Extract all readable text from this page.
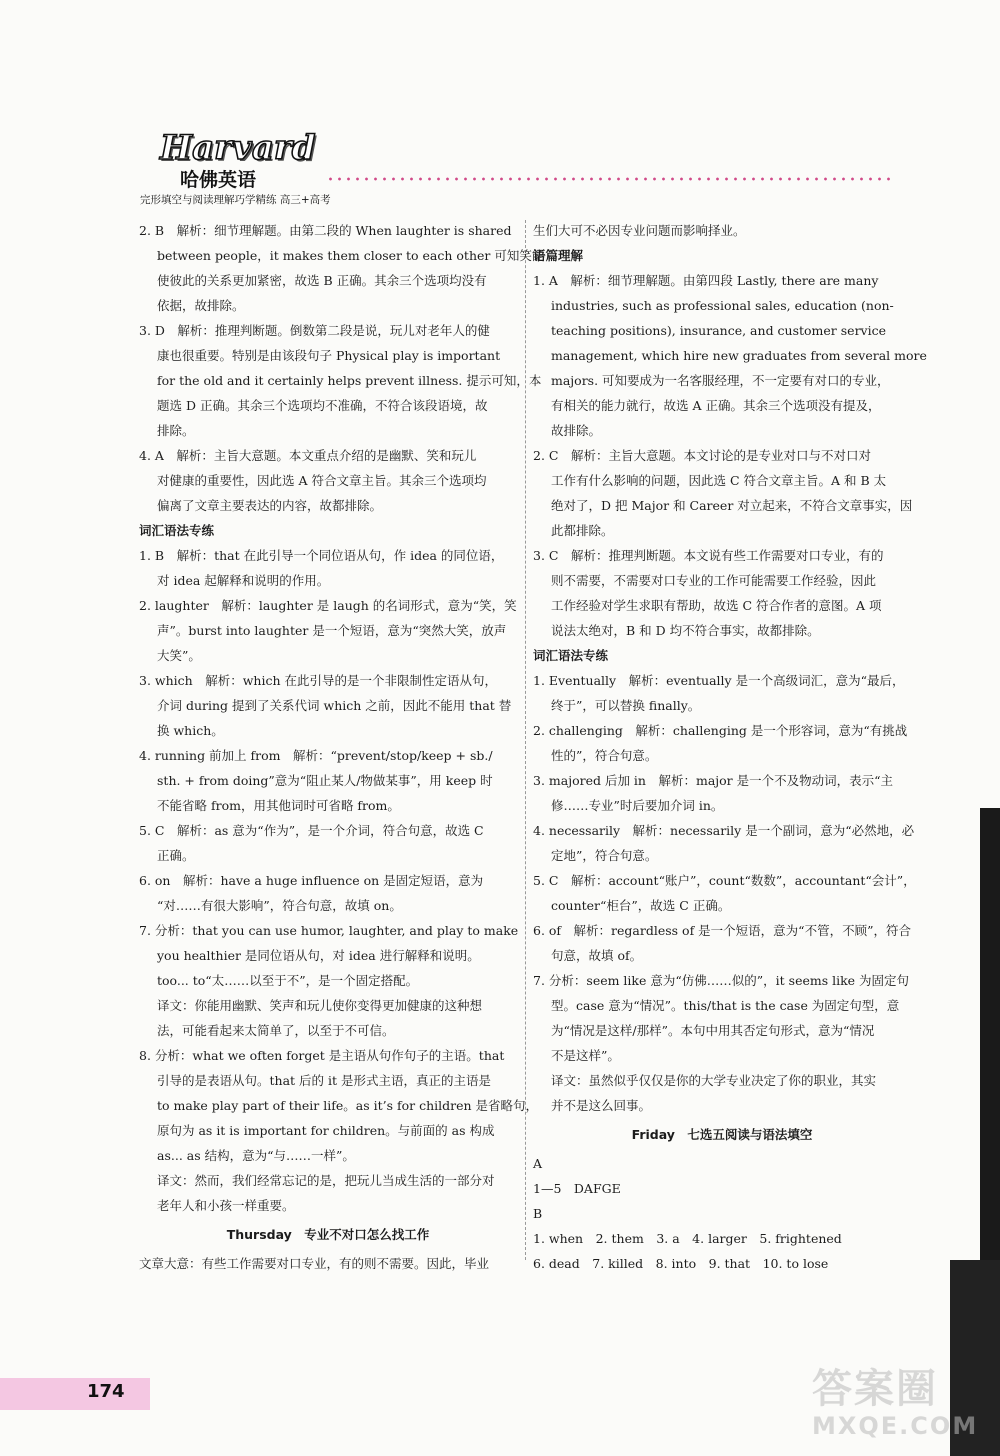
Harvard
哈佛英语
完形填空与阅读理解巧学精练 高三+高考
2. B　解析：细节理解题。由第二段的 When laughter is shared
between people，it makes them closer to each other 可知笑能
使彼此的关系更加紧密，故选 B 正确。其余三个选项均没有
依据，故排除。
3. D　解析：推理判断题。倒数第二段是说，玩儿对老年人的健
康也很重要。特别是由该段句子 Physical play is important
for the old and it certainly helps prevent illness. 提示可知，本
题选 D 正确。其余三个选项均不准确，不符合该段语境，故
排除。
4. A　解析：主旨大意题。本文重点介绍的是幽默、笑和玩儿
对健康的重要性，因此选 A 符合文章主旨。其余三个选项均
偏离了文章主要表达的内容，故都排除。
词汇语法专练
1. B　解析：that 在此引导一个同位语从句，作 idea 的同位语，
对 idea 起解释和说明的作用。
2. laughter　解析：laughter 是 laugh 的名词形式，意为“笑，笑
声”。burst into laughter 是一个短语，意为“突然大笑，放声
大笑”。
3. which　解析：which 在此引导的是一个非限制性定语从句，
介词 during 提到了关系代词 which 之前，因此不能用 that 替
换 which。
4. running 前加上 from　解析：“prevent/stop/keep + sb./
sth. + from doing”意为“阻止某人/物做某事”，用 keep 时
不能省略 from，用其他词时可省略 from。
5. C　解析：as 意为“作为”，是一个介词，符合句意，故选 C
正确。
6. on　解析：have a huge influence on 是固定短语，意为
“对……有很大影响”，符合句意，故填 on。
7. 分析：that you can use humor, laughter, and play to make
you healthier 是同位语从句，对 idea 进行解释和说明。
too... to“太……以至于不”，是一个固定搭配。
译文：你能用幽默、笑声和玩儿使你变得更加健康的这种想
法，可能看起来太简单了，以至于不可信。
8. 分析：what we often forget 是主语从句作句子的主语。that
引导的是表语从句。that 后的 it 是形式主语，真正的主语是
to make play part of their life。as it’s for children 是省略句，
原句为 as it is important for children。与前面的 as 构成
as... as 结构，意为“与……一样”。
译文：然而，我们经常忘记的是，把玩儿当成生活的一部分对
老年人和小孩一样重要。
Thursday　专业不对口怎么找工作
文章大意：有些工作需要对口专业，有的则不需要。因此，毕业
生们大可不必因专业问题而影响择业。
语篇理解
1. A　解析：细节理解题。由第四段 Lastly, there are many
industries, such as professional sales, education (non-
teaching positions), insurance, and customer service
management, which hire new graduates from several more
majors. 可知要成为一名客服经理，不一定要有对口的专业，
有相关的能力就行，故选 A 正确。其余三个选项没有提及，
故排除。
2. C　解析：主旨大意题。本文讨论的是专业对口与不对口对
工作有什么影响的问题，因此选 C 符合文章主旨。A 和 B 太
绝对了，D 把 Major 和 Career 对立起来，不符合文章事实，因
此都排除。
3. C　解析：推理判断题。本文说有些工作需要对口专业，有的
则不需要，不需要对口专业的工作可能需要工作经验，因此
工作经验对学生求职有帮助，故选 C 符合作者的意图。A 项
说法太绝对，B 和 D 均不符合事实，故都排除。
词汇语法专练
1. Eventually　解析：eventually 是一个高级词汇，意为“最后，
终于”，可以替换 finally。
2. challenging　解析：challenging 是一个形容词，意为“有挑战
性的”，符合句意。
3. majored 后加 in　解析：major 是一个不及物动词，表示“主
修……专业”时后要加介词 in。
4. necessarily　解析：necessarily 是一个副词，意为“必然地，必
定地”，符合句意。
5. C　解析：account“账户”，count“数数”，accountant“会计”，
counter“柜台”，故选 C 正确。
6. of　解析：regardless of 是一个短语，意为“不管，不顾”，符合
句意，故填 of。
7. 分析：seem like 意为“仿佛……似的”，it seems like 为固定句
型。case 意为“情况”。this/that is the case 为固定句型，意
为“情况是这样/那样”。本句中用其否定句形式，意为“情况
不是这样”。
译文：虽然似乎仅仅是你的大学专业决定了你的职业，其实
并不是这么回事。
Friday　七选五阅读与语法填空
A
1—5　DAFGE
B
1. when　2. them　3. a　4. larger　5. frightened
6. dead　7. killed　8. into　9. that　10. to lose
174	答案圈
MXQE.COM
